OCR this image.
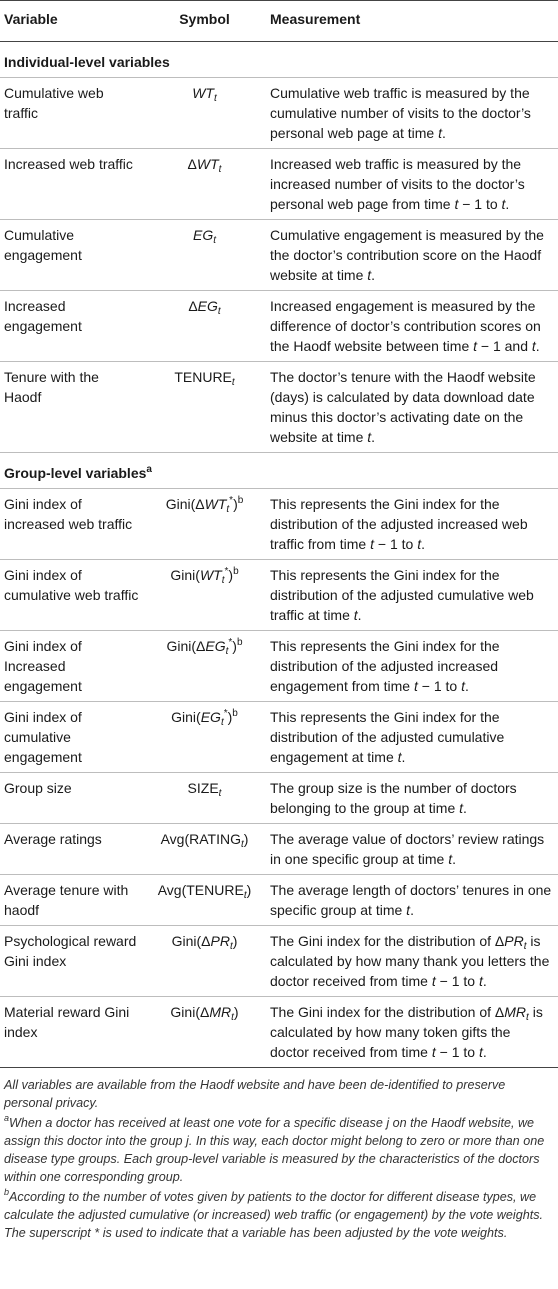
Variable	Symbol	Measurement
Individual-level variables		
Cumulative web traffic	$WT_t$	Cumulative web traffic is measured by the cumulative number of visits to the doctor’s personal web page at time t.
Increased web traffic	$\Delta WT_t$	Increased web traffic is measured by the increased number of visits to the doctor’s personal web page from time t − 1 to t.
Cumulative engagement	$EG_t$	Cumulative engagement is measured by the the doctor’s contribution score on the Haodf website at time t.
Increased engagement	$\Delta EG_t$	Increased engagement is measured by the difference of doctor’s contribution scores on the Haodf website between time t − 1 and t.
Tenure with the Haodf	$TENURE_t$	The doctor’s tenure with the Haodf website (days) is calculated by data download date minus this doctor’s activating date on the website at time t.
Group-level variables$^a$
Gini index of increased web traffic	$Gini(\Delta WT_t^*)^b$	This represents the Gini index for the distribution of the adjusted increased web traffic from time t − 1 to t.
Gini index of cumulative web traffic	$Gini(WT_t^*)^b$	This represents the Gini index for the distribution of the adjusted cumulative web traffic at time t.
Gini index of Increased engagement	$Gini(\Delta EG_t^*)^b$	This represents the Gini index for the distribution of the adjusted increased engagement from time t − 1 to t.
Gini index of cumulative engagement	$Gini(EG_t^*)^b$	This represents the Gini index for the distribution of the adjusted cumulative engagement at time t.
Group size	$SIZE_t$	The group size is the number of doctors belonging to the group at time t.
Average ratings	$Avg(RATING_t)$	The average value of doctors’ review ratings in one specific group at time t.
Average tenure with haodf	$Avg(TENURE_t)$	The average length of doctors’ tenures in one specific group at time t.
Psychological reward Gini index	$Gini(\Delta PR_t)$	The Gini index for the distribution of $\Delta PR_t$ is calculated by how many thank you letters the doctor received from time t − 1 to t.
Material reward Gini index	$Gini(\Delta MR_t)$	The Gini index for the distribution of $\Delta MR_t$ is calculated by how many token gifts the doctor received from time t − 1 to t.

All variables are available from the Haodf website and have been de-identified to preserve personal privacy.

$^a$When a doctor has received at least one vote for a specific disease j on the Haodf website, we assign this doctor into the group j. In this way, each doctor might belong to zero or more than one disease type groups. Each group-level variable is measured by the characteristics of the doctors within one corresponding group.

$^b$According to the number of votes given by patients to the doctor for different disease types, we calculate the adjusted cumulative (or increased) web traffic (or engagement) by the vote weights. The superscript * is used to indicate that a variable has been adjusted by the vote weights.
